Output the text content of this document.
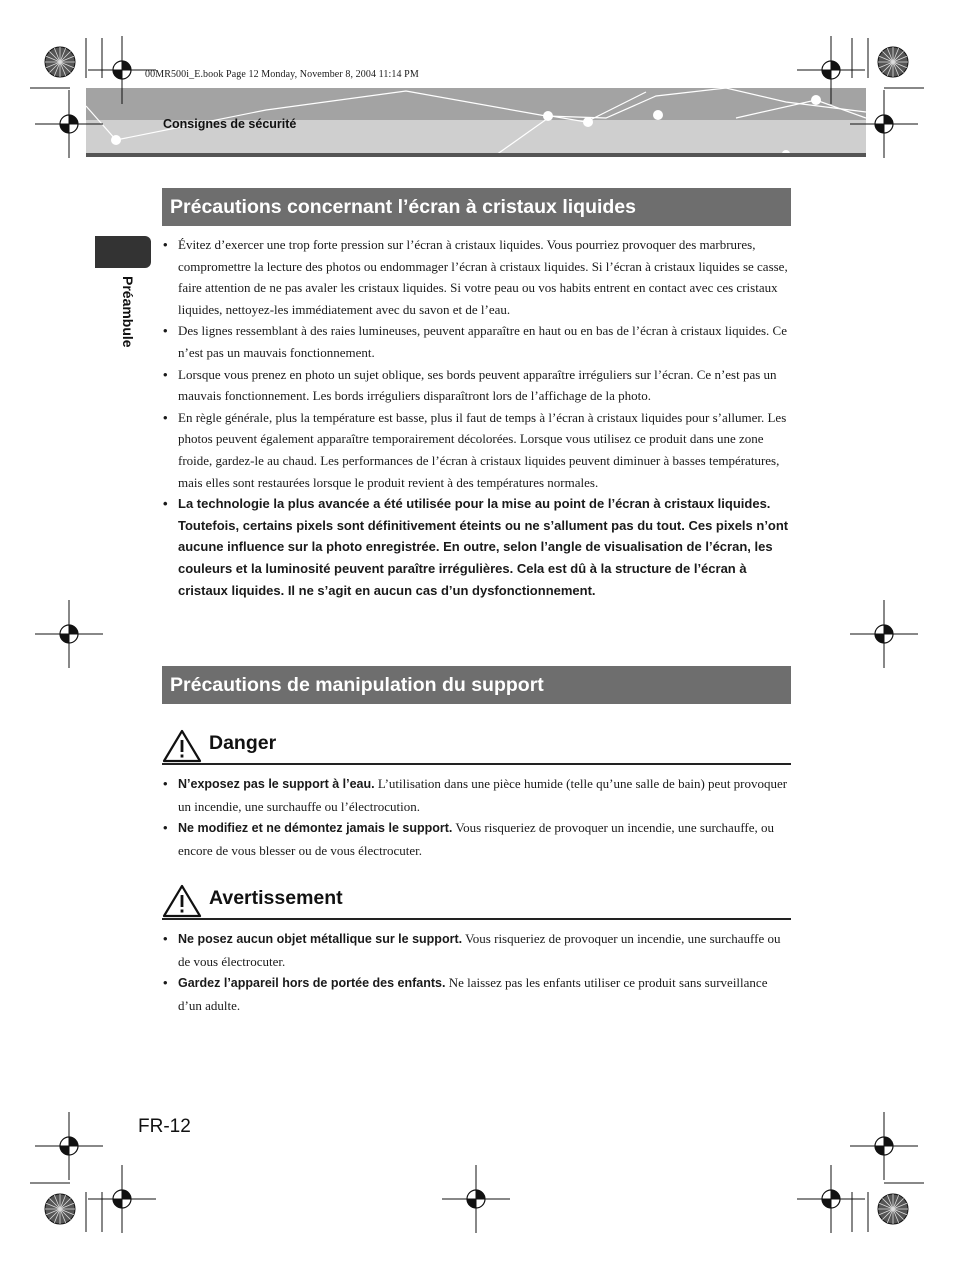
00MR500i_E.book Page 12 Monday, November 8, 2004 11:14 PM
Consignes de sécurité
Préambule
Précautions concernant l’écran à cristaux liquides
• Évitez d’exercer une trop forte pression sur l’écran à cristaux liquides. Vous pourriez provoquer des marbrures, compromettre la lecture des photos ou endommager l’écran à cristaux liquides. Si l’écran à cristaux liquides se casse, faire attention de ne pas avaler les cristaux liquides. Si votre peau ou vos habits entrent en contact avec ces cristaux liquides, nettoyez-les immédiatement avec du savon et de l’eau.
• Des lignes ressemblant à des raies lumineuses, peuvent apparaître en haut ou en bas de l’écran à cristaux liquides. Ce n’est pas un mauvais fonctionnement.
• Lorsque vous prenez en photo un sujet oblique, ses bords peuvent apparaître irréguliers sur l’écran. Ce n’est pas un mauvais fonctionnement. Les bords irréguliers disparaîtront lors de l’affichage de la photo.
• En règle générale, plus la température est basse, plus il faut de temps à l’écran à cristaux liquides pour s’allumer. Les photos peuvent également apparaître temporairement décolorées. Lorsque vous utilisez ce produit dans une zone froide, gardez-le au chaud. Les performances de l’écran à cristaux liquides peuvent diminuer à basses températures, mais elles sont restaurées lorsque le produit revient à des températures normales.
• La technologie la plus avancée a été utilisée pour la mise au point de l’écran à cristaux liquides. Toutefois, certains pixels sont définitivement éteints ou ne s’allument pas du tout. Ces pixels n’ont aucune influence sur la photo enregistrée. En outre, selon l’angle de visualisation de l’écran, les couleurs et la luminosité peuvent paraître irrégulières. Cela est dû à la structure de l’écran à cristaux liquides. Il ne s’agit en aucun cas d’un dysfonctionnement.
Précautions de manipulation du support
Danger
• N’exposez pas le support à l’eau. L’utilisation dans une pièce humide (telle qu’une salle de bain) peut provoquer un incendie, une surchauffe ou l’électrocution.
• Ne modifiez et ne démontez jamais le support. Vous risqueriez de provoquer un incendie, une surchauffe, ou encore de vous blesser ou de vous électrocuter.
Avertissement
• Ne posez aucun objet métallique sur le support. Vous risqueriez de provoquer un incendie, une surchauffe ou de vous électrocuter.
• Gardez l’appareil hors de portée des enfants. Ne laissez pas les enfants utiliser ce produit sans surveillance d’un adulte.
FR-12
